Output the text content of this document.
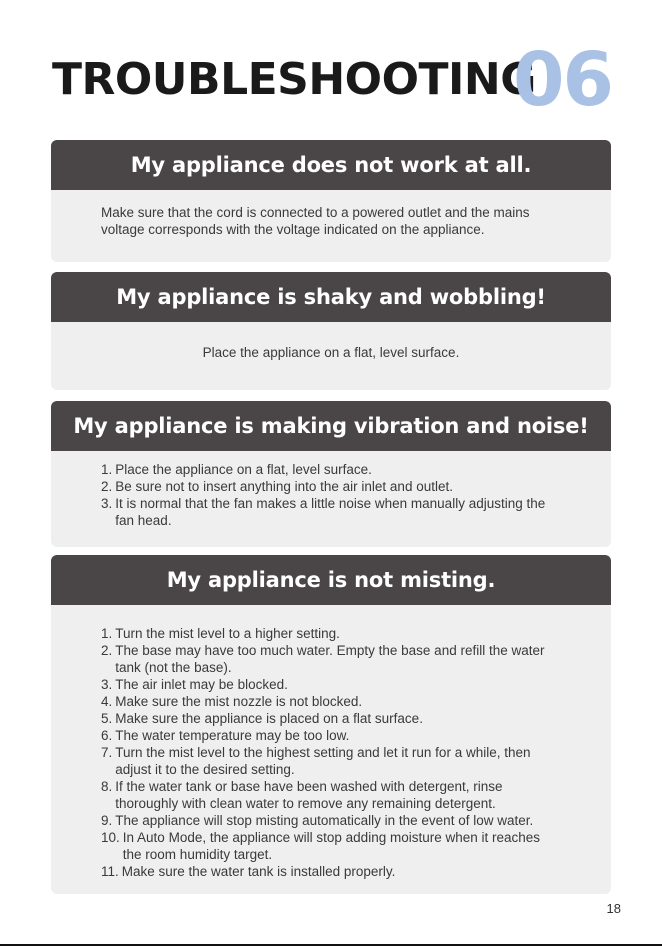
TROUBLESHOOTING
06
My appliance does not work at all.

Make sure that the cord is connected to a powered outlet and the mains voltage corresponds with the voltage indicated on the appliance.

My appliance is shaky and wobbling!

Place the appliance on a flat, level surface.

My appliance is making vibration and noise!
1. Place the appliance on a flat, level surface.
2. Be sure not to insert anything into the air inlet and outlet.
3. It is normal that the fan makes a little noise when manually adjusting the fan head.
My appliance is not misting.
1. Turn the mist level to a higher setting.
2. The base may have too much water. Empty the base and refill the water tank (not the base).
3. The air inlet may be blocked.
4. Make sure the mist nozzle is not blocked.
5. Make sure the appliance is placed on a flat surface.
6. The water temperature may be too low.
7. Turn the mist level to the highest setting and let it run for a while, then adjust it to the desired setting.
8. If the water tank or base have been washed with detergent, rinse thoroughly with clean water to remove any remaining detergent.
9. The appliance will stop misting automatically in the event of low water.
10. In Auto Mode, the appliance will stop adding moisture when it reaches the room humidity target.
11. Make sure the water tank is installed properly.
18
